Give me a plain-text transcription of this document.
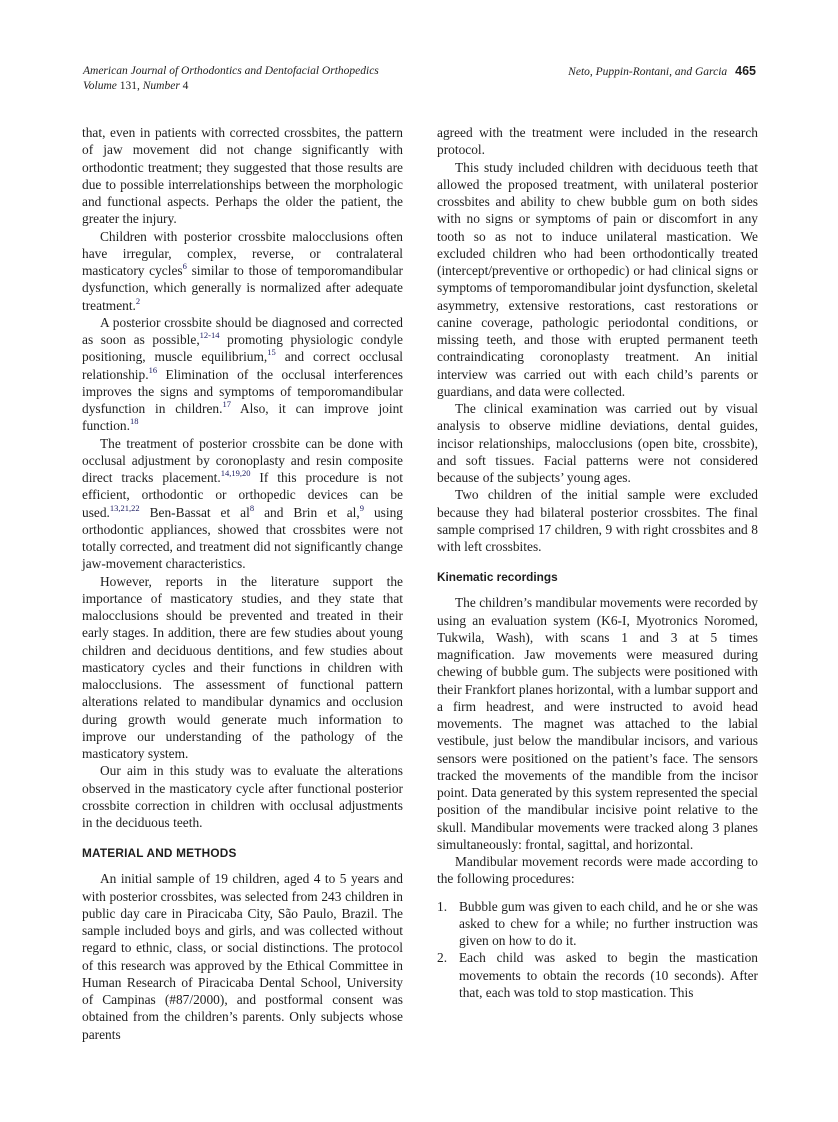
American Journal of Orthodontics and Dentofacial Orthopedics
Volume 131, Number 4
Neto, Puppin-Rontani, and Garcia 465

that, even in patients with corrected crossbites, the pattern of jaw movement did not change significantly with orthodontic treatment; they suggested that those results are due to possible interrelationships between the morphologic and functional aspects. Perhaps the older the patient, the greater the injury.

Children with posterior crossbite malocclusions often have irregular, complex, reverse, or contralateral masticatory cycles$^6$ similar to those of temporomandibular dysfunction, which generally is normalized after adequate treatment.$^2$

A posterior crossbite should be diagnosed and corrected as soon as possible,$^{12-14}$ promoting physiologic condyle positioning, muscle equilibrium,$^{15}$ and correct occlusal relationship.$^{16}$ Elimination of the occlusal interferences improves the signs and symptoms of temporomandibular dysfunction in children.$^{17}$ Also, it can improve joint function.$^{18}$

The treatment of posterior crossbite can be done with occlusal adjustment by coronoplasty and resin composite direct tracks placement.$^{14,19,20}$ If this procedure is not efficient, orthodontic or orthopedic devices can be used.$^{13,21,22}$ Ben-Bassat et $al^8$ and Brin et al,$^9$ using orthodontic appliances, showed that crossbites were not totally corrected, and treatment did not significantly change jaw-movement characteristics.

However, reports in the literature support the importance of masticatory studies, and they state that malocclusions should be prevented and treated in their early stages. In addition, there are few studies about young children and deciduous dentitions, and few studies about masticatory cycles and their functions in children with malocclusions. The assessment of functional pattern alterations related to mandibular dynamics and occlusion during growth would generate much information to improve our understanding of the pathology of the masticatory system.

Our aim in this study was to evaluate the alterations observed in the masticatory cycle after functional posterior crossbite correction in children with occlusal adjustments in the deciduous teeth.

MATERIAL AND METHODS

An initial sample of 19 children, aged 4 to 5 years and with posterior crossbites, was selected from 243 children in public day care in Piracicaba City, São Paulo, Brazil. The sample included boys and girls, and was collected without regard to ethnic, class, or social distinctions. The protocol of this research was approved by the Ethical Committee in Human Research of Piracicaba Dental School, University of Campinas (#87/2000), and postformal consent was obtained from the children’s parents. Only subjects whose parents

agreed with the treatment were included in the research protocol.

This study included children with deciduous teeth that allowed the proposed treatment, with unilateral posterior crossbites and ability to chew bubble gum on both sides with no signs or symptoms of pain or discomfort in any tooth so as not to induce unilateral mastication. We excluded children who had been orthodontically treated (intercept/preventive or orthopedic) or had clinical signs or symptoms of temporomandibular joint dysfunction, skeletal asymmetry, extensive restorations, cast restorations or canine coverage, pathologic periodontal conditions, or missing teeth, and those with erupted permanent teeth contraindicating coronoplasty treatment. An initial interview was carried out with each child’s parents or guardians, and data were collected.

The clinical examination was carried out by visual analysis to observe midline deviations, dental guides, incisor relationships, malocclusions (open bite, crossbite), and soft tissues. Facial patterns were not considered because of the subjects’ young ages.

Two children of the initial sample were excluded because they had bilateral posterior crossbites. The final sample comprised 17 children, 9 with right crossbites and 8 with left crossbites.

Kinematic recordings

The children’s mandibular movements were recorded by using an evaluation system (K6-I, Myotronics Noromed, Tukwila, Wash), with scans 1 and 3 at 5 times magnification. Jaw movements were measured during chewing of bubble gum. The subjects were positioned with their Frankfort planes horizontal, with a lumbar support and a firm headrest, and were instructed to avoid head movements. The magnet was attached to the labial vestibule, just below the mandibular incisors, and various sensors were positioned on the patient’s face. The sensors tracked the movements of the mandible from the incisor point. Data generated by this system represented the special position of the mandibular incisive point relative to the skull. Mandibular movements were tracked along 3 planes simultaneously: frontal, sagittal, and horizontal.

Mandibular movement records were made according to the following procedures:

1. Bubble gum was given to each child, and he or she was asked to chew for a while; no further instruction was given on how to do it.
2. Each child was asked to begin the mastication movements to obtain the records (10 seconds). After that, each was told to stop mastication. This
